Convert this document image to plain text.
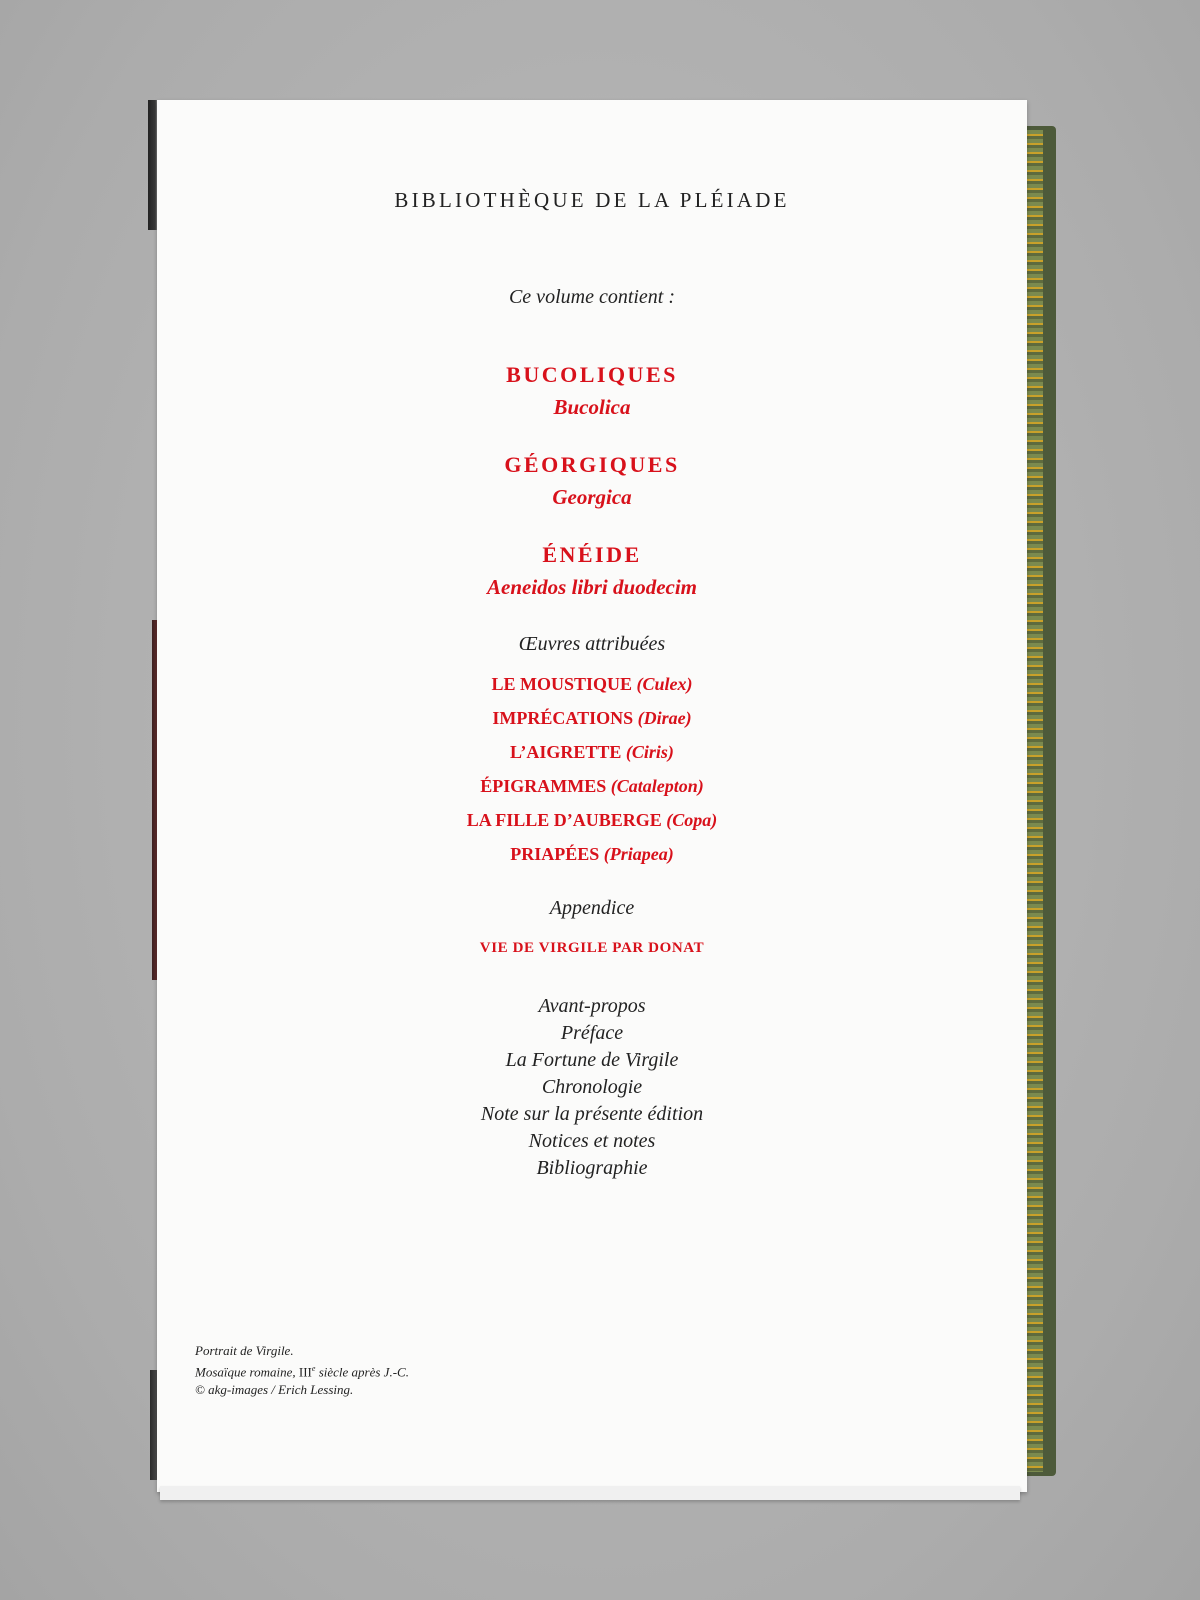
BIBLIOTHÈQUE DE LA PLÉIADE
Ce volume contient :
BUCOLIQUES
Bucolica
GÉORGIQUES
Georgica
ÉNÉIDE
Aeneidos libri duodecim
Œuvres attribuées
LE MOUSTIQUE (Culex)
IMPRÉCATIONS (Dirae)
L’AIGRETTE (Ciris)
ÉPIGRAMMES (Catalepton)
LA FILLE D’AUBERGE (Copa)
PRIAPÉES (Priapea)
Appendice
VIE DE VIRGILE PAR DONAT
Avant-propos
Préface
La Fortune de Virgile
Chronologie
Note sur la présente édition
Notices et notes
Bibliographie
Portrait de Virgile.
Mosaïque romaine, IIIe siècle après J.-C.
© akg-images / Erich Lessing.
